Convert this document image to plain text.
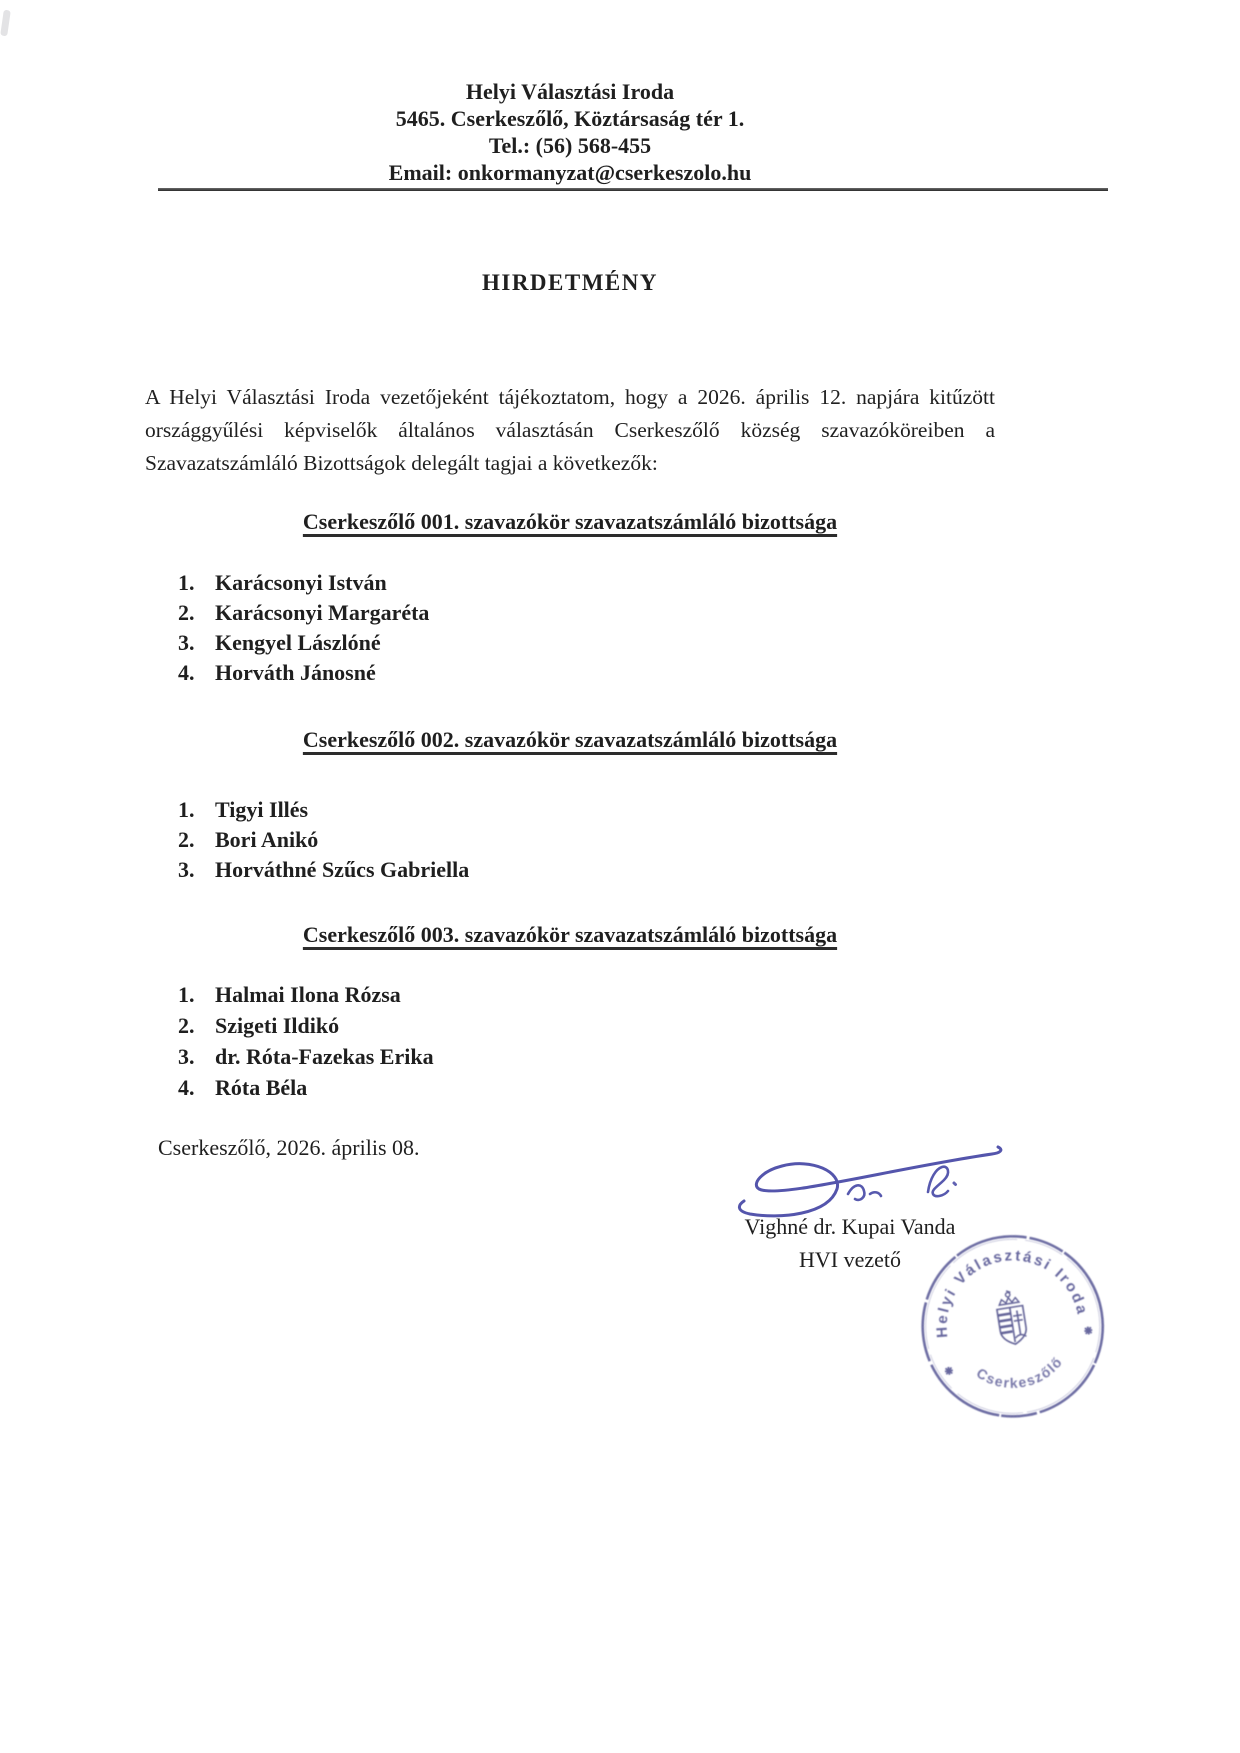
Helyi Választási Iroda
5465. Cserkeszőlő, Köztársaság tér 1.
Tel.: (56) 568-455
Email: onkormanyzat@cserkeszolo.hu
HIRDETMÉNY
A Helyi Választási Iroda vezetőjeként tájékoztatom, hogy a 2026. április 12. napjára kitűzött
országgyűlési képviselők általános választásán Cserkeszőlő község szavazóköreiben a
Szavazatszámláló Bizottságok delegált tagjai a következők:
Cserkeszőlő 001. szavazókör szavazatszámláló bizottsága
1. Karácsonyi István
2. Karácsonyi Margaréta
3. Kengyel Lászlóné
4. Horváth Jánosné
Cserkeszőlő 002. szavazókör szavazatszámláló bizottsága
1. Tigyi Illés
2. Bori Anikó
3. Horváthné Szűcs Gabriella
Cserkeszőlő 003. szavazókör szavazatszámláló bizottsága
1. Halmai Ilona Rózsa
2. Szigeti Ildikó
3. dr. Róta-Fazekas Erika
4. Róta Béla
Cserkeszőlő, 2026. április 08.
Vighné dr. Kupai Vanda
HVI vezető
Helyi Választási Iroda
Cserkeszőlő
